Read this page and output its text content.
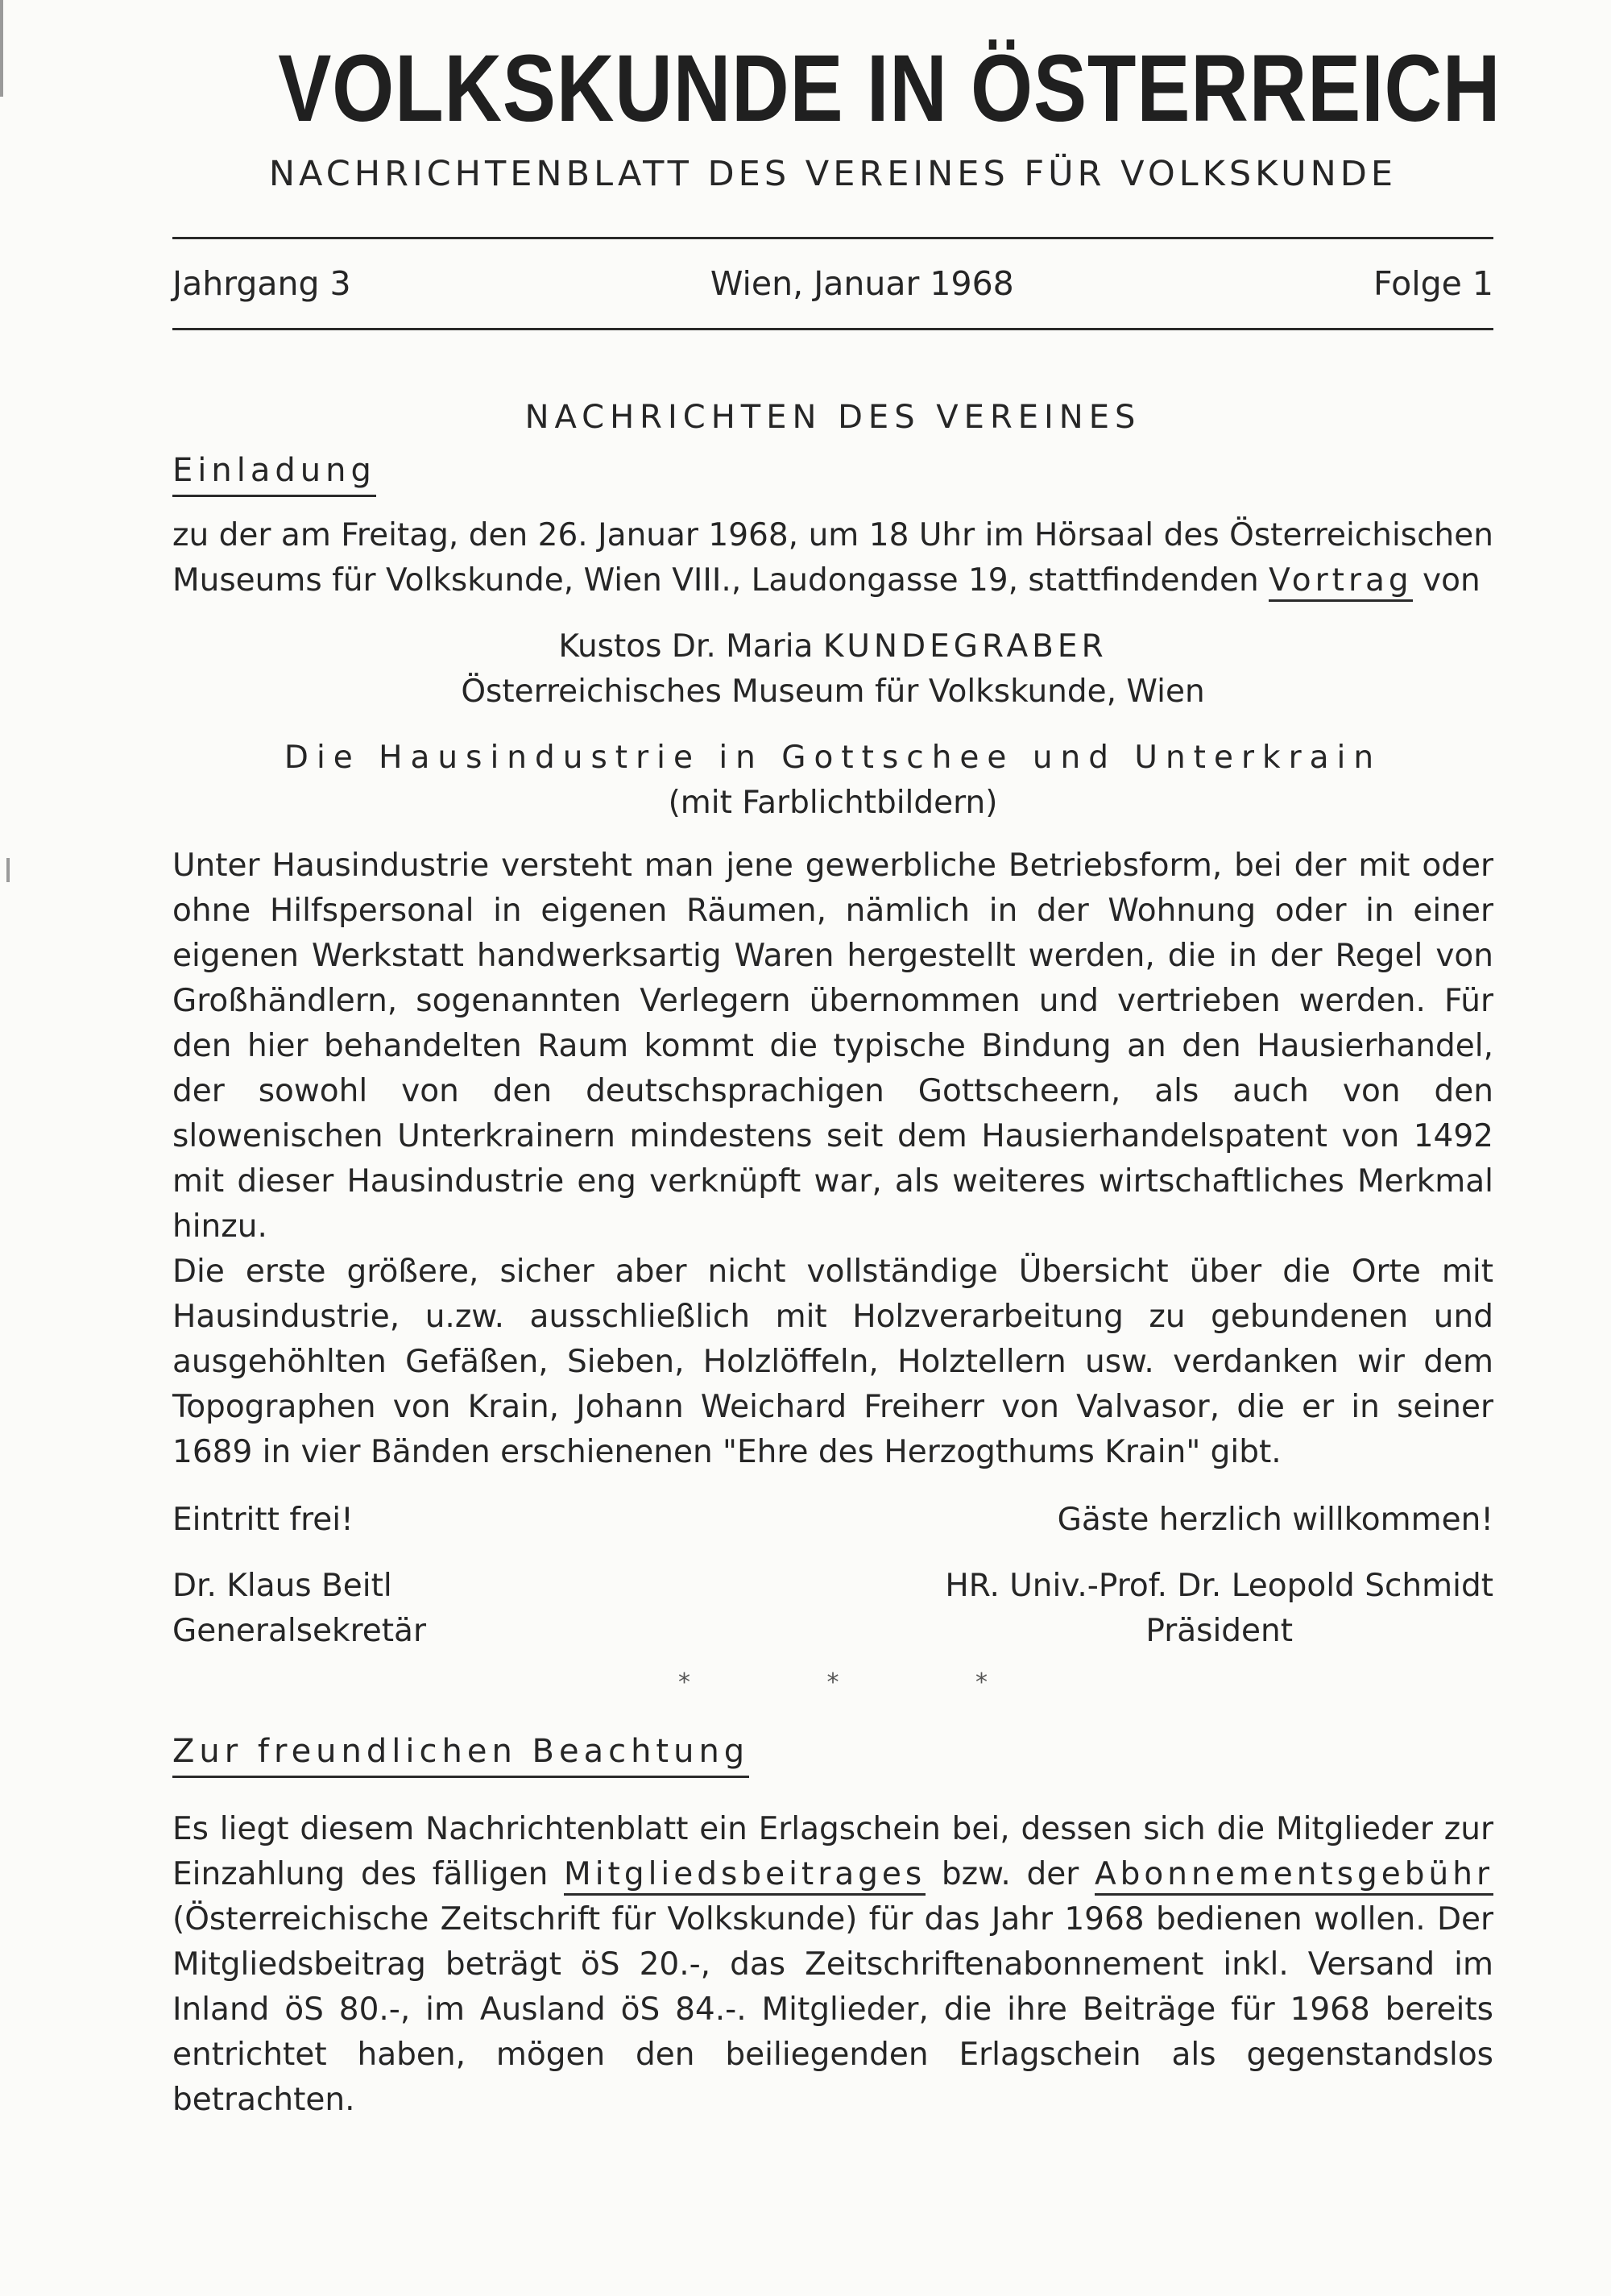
VOLKSKUNDE IN ÖSTERREICH
NACHRICHTENBLATT DES VEREINES FÜR VOLKSKUNDE
Jahrgang 3	Wien, Januar 1968	Folge 1
NACHRICHTEN DES VEREINES
Einladung

zu der am Freitag, den 26. Januar 1968, um 18 Uhr im Hörsaal des Österreichischen Museums für Volkskunde, Wien VIII., Laudongasse 19, stattfindenden Vortrag von

Kustos Dr. Maria KUNDEGRABER
Österreichisches Museum für Volkskunde, Wien
Die Hausindustrie in Gottschee und Unterkrain
(mit Farblichtbildern)

Unter Hausindustrie versteht man jene gewerbliche Betriebsform, bei der mit oder ohne Hilfspersonal in eigenen Räumen, nämlich in der Wohnung oder in einer eigenen Werkstatt handwerksartig Waren hergestellt werden, die in der Regel von Großhändlern, sogenannten Verlegern übernommen und vertrieben werden. Für den hier behandelten Raum kommt die typische Bindung an den Hausierhandel, der sowohl von den deutschsprachigen Gottscheern, als auch von den slowenischen Unterkrainern mindestens seit dem Hausierhandelspatent von 1492 mit dieser Hausindustrie eng verknüpft war, als weiteres wirtschaftliches Merkmal hinzu.

Die erste größere, sicher aber nicht vollständige Übersicht über die Orte mit Hausindustrie, u.zw. ausschließlich mit Holzverarbeitung zu gebundenen und ausgehöhlten Gefäßen, Sieben, Holzlöffeln, Holztellern usw. verdanken wir dem Topographen von Krain, Johann Weichard Freiherr von Valvasor, die er in seiner 1689 in vier Bänden erschienenen "Ehre des Herzogthums Krain" gibt.

Eintritt frei!	Gäste herzlich willkommen!
Dr. Klaus Beitl
Generalsekretär
HR. Univ.-Prof. Dr. Leopold Schmidt
Präsident
* * *
Zur freundlichen Beachtung

Es liegt diesem Nachrichtenblatt ein Erlagschein bei, dessen sich die Mitglieder zur Einzahlung des fälligen Mitgliedsbeitrages bzw. der Abonnementsgebühr (Österreichische Zeitschrift für Volkskunde) für das Jahr 1968 bedienen wollen. Der Mitgliedsbeitrag beträgt öS 20.-, das Zeitschriftenabonnement inkl. Versand im Inland öS 80.-, im Ausland öS 84.-. Mitglieder, die ihre Beiträge für 1968 bereits entrichtet haben, mögen den beiliegenden Erlagschein als gegenstandslos betrachten.
